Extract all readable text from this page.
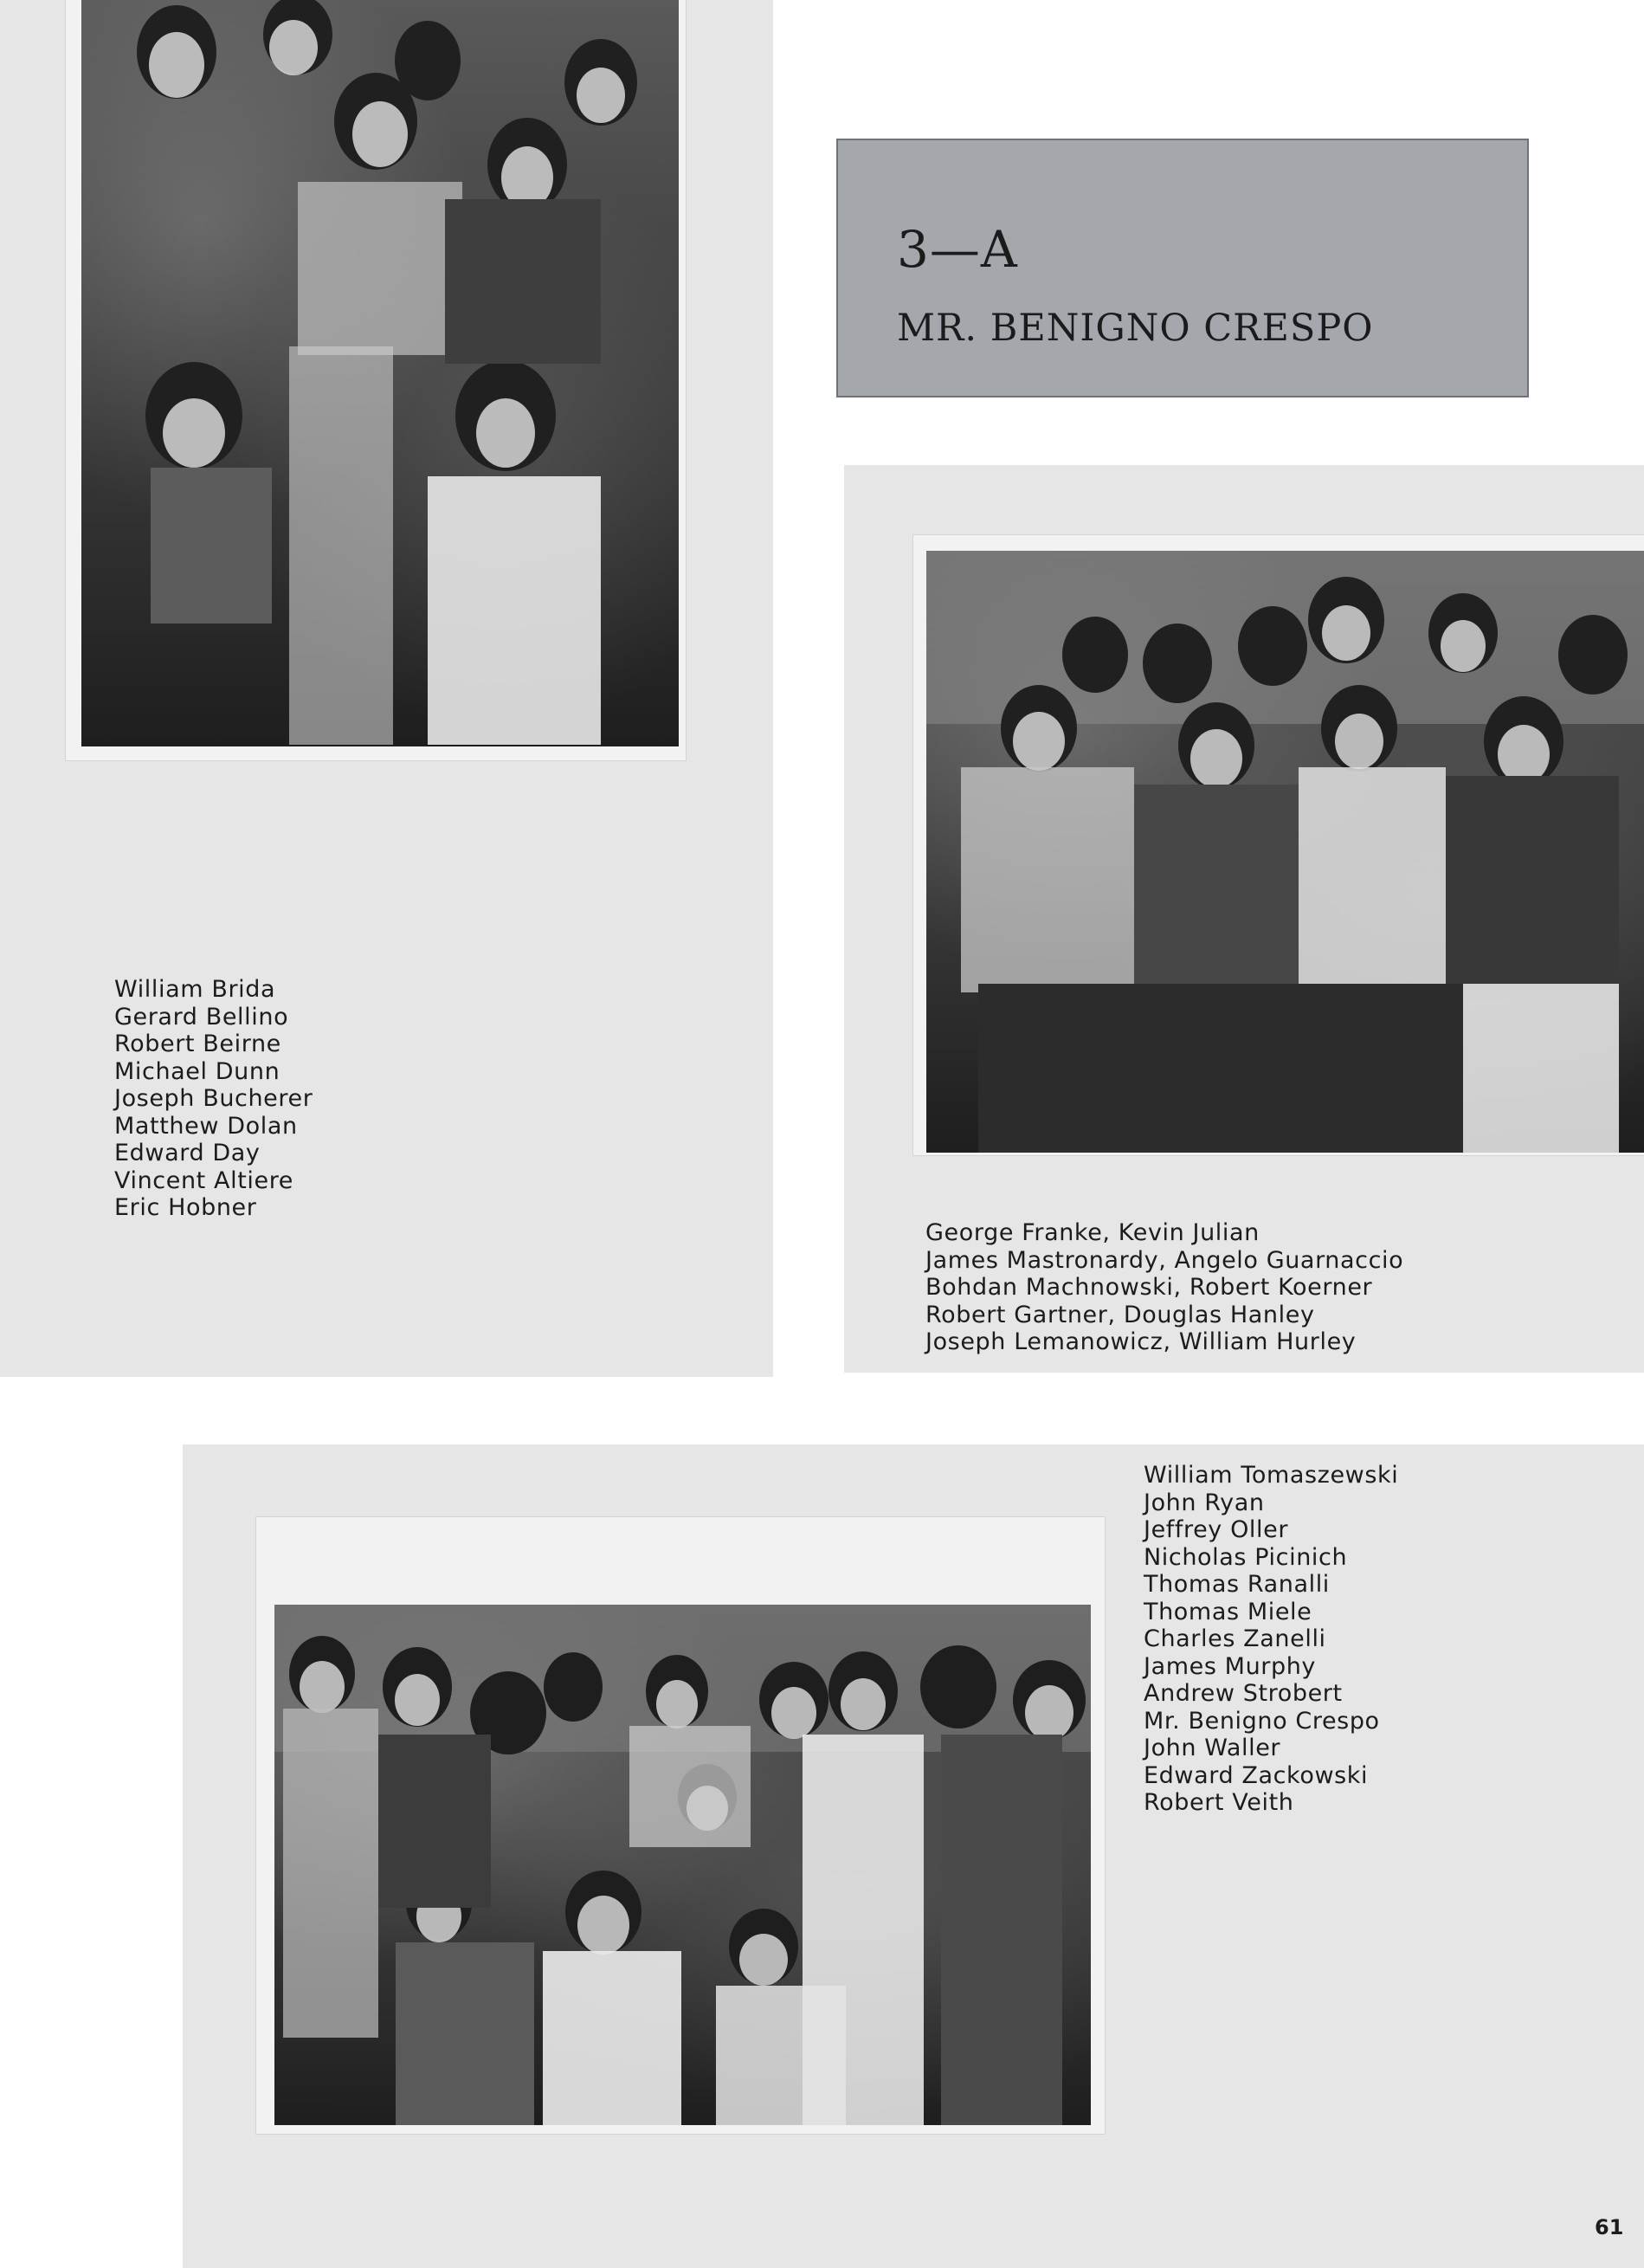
William Brida
Gerard Bellino
Robert Beirne
Michael Dunn
Joseph Bucherer
Matthew Dolan
Edward Day
Vincent Altiere
Eric Hobner

3—A

MR. BENIGNO CRESPO

George Franke, Kevin Julian
James Mastronardy, Angelo Guarnaccio
Bohdan Machnowski, Robert Koerner
Robert Gartner, Douglas Hanley
Joseph Lemanowicz, William Hurley
William Tomaszewski
John Ryan
Jeffrey Oller
Nicholas Picinich
Thomas Ranalli
Thomas Miele
Charles Zanelli
James Murphy
Andrew Strobert
Mr. Benigno Crespo
John Waller
Edward Zackowski
Robert Veith
61
